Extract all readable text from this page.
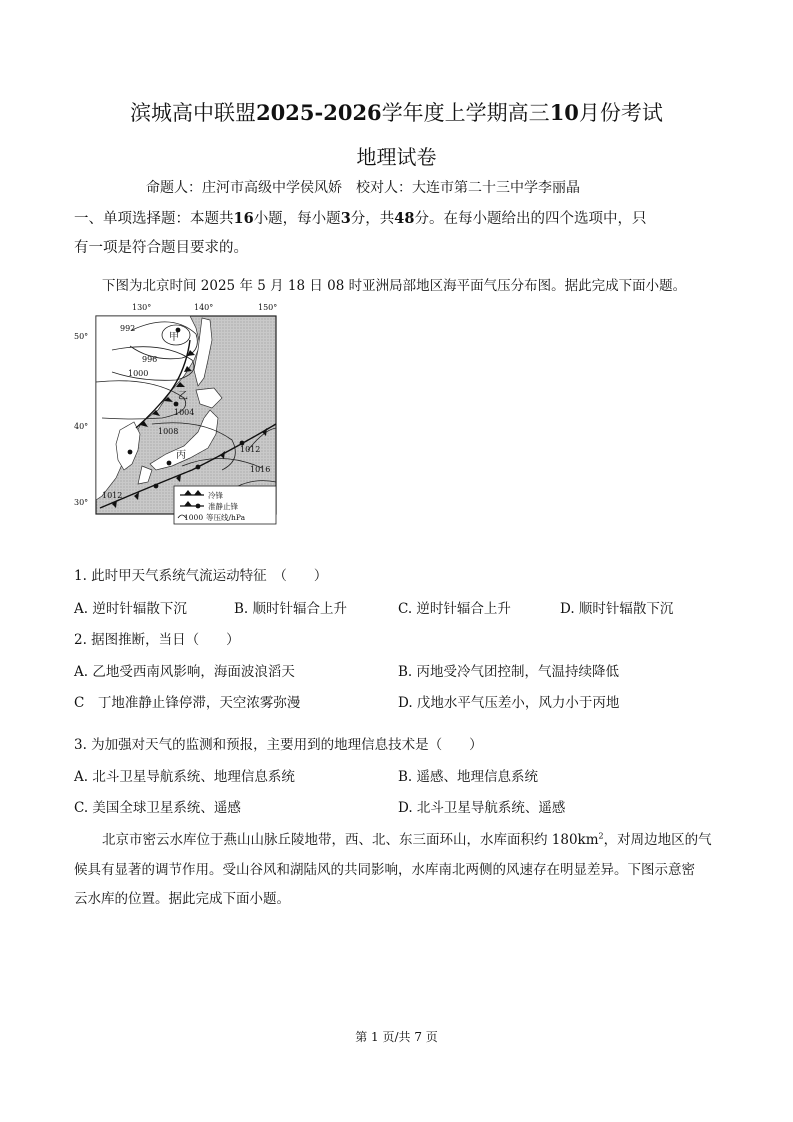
滨城高中联盟2025-2026学年度上学期高三10月份考试
地理试卷
命题人：庄河市高级中学侯风娇　校对人：大连市第二十三中学李丽晶
一、单项选择题：本题共16小题，每小题3分，共48分。在每小题给出的四个选项中，只
有一项是符合题目要求的。
下图为北京时间 2025 年 5 月 18 日 08 时亚洲局部地区海平面气压分布图。据此完成下面小题。
992
996
1000
1004
1008
1012
1016
1012
甲
乙
丙
130°	140°	150°
50°
40°
30°
冷锋
准静止锋
1000 等压线/hPa
1. 此时甲天气系统气流运动特征　（　　）
A. 逆时针辐散下沉	B. 顺时针辐合上升	C. 逆时针辐合上升	D. 顺时针辐散下沉
2. 据图推断，当日（　　）
A. 乙地受西南风影响，海面波浪滔天	B. 丙地受冷气团控制，气温持续降低
C　丁地准静止锋停滞，天空浓雾弥漫	D. 戊地水平气压差小，风力小于丙地
3. 为加强对天气的监测和预报，主要用到的地理信息技术是（　　）
A. 北斗卫星导航系统、地理信息系统	B. 遥感、地理信息系统
C. 美国全球卫星系统、遥感	D. 北斗卫星导航系统、遥感
北京市密云水库位于燕山山脉丘陵地带，西、北、东三面环山，水库面积约 $180km^2$，对周边地区的气
候具有显著的调节作用。受山谷风和湖陆风的共同影响，水库南北两侧的风速存在明显差异。下图示意密
云水库的位置。据此完成下面小题。
第 1 页/共 7 页
